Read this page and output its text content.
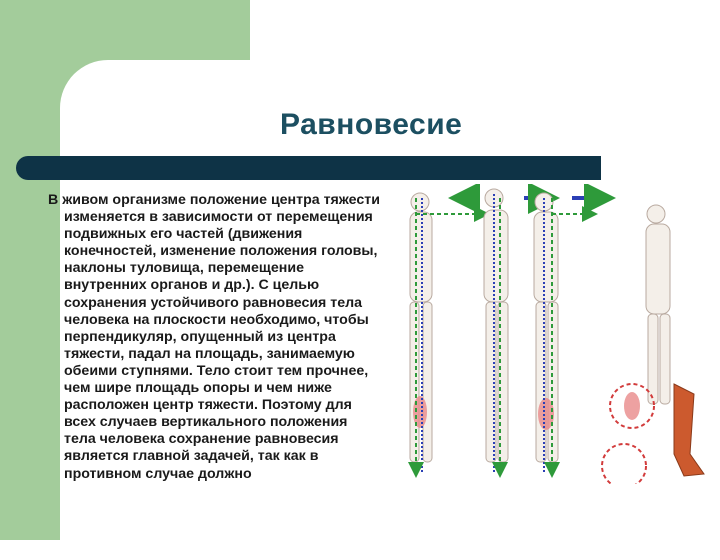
Равновесие
В живом организме положение центра тяжести изменяется в зависимости от перемещения подвижных его частей (движения конечностей, изменение положения головы, наклоны туловища, перемещение внутренних органов и др.). С целью сохранения устойчивого равновесия тела человека на плоскости необходимо, чтобы перпендикуляр, опущенный из центра тяжести, падал на площадь, занимаемую обеими ступнями. Тело стоит тем прочнее, чем шире площадь опоры и чем ниже расположен центр тяжести. Поэтому для всех случаев вертикального положения тела человека сохранение равновесия является главной задачей, так как в противном случае должно
